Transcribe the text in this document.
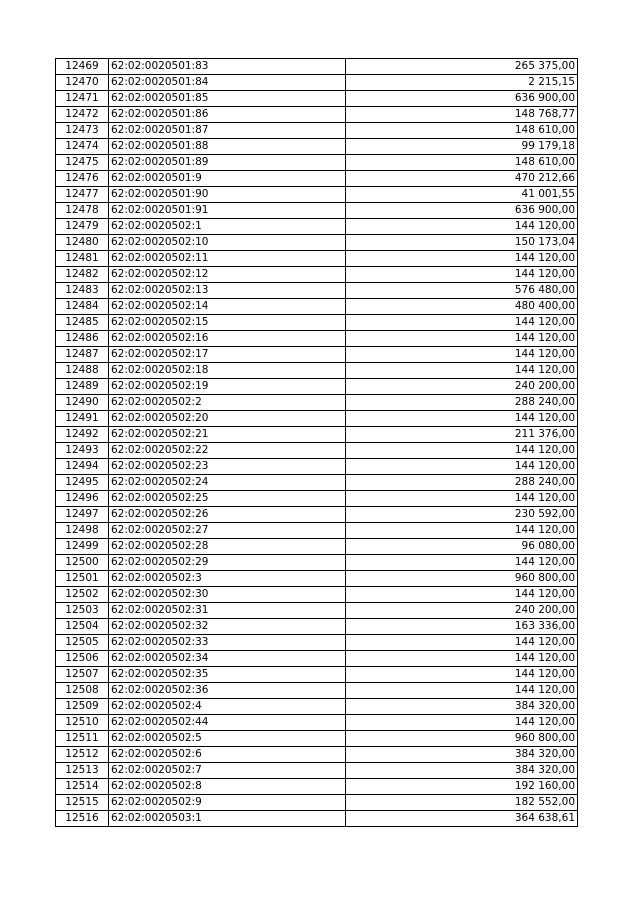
12469	62:02:0020501:83	265 375,00
12470	62:02:0020501:84	2 215,15
12471	62:02:0020501:85	636 900,00
12472	62:02:0020501:86	148 768,77
12473	62:02:0020501:87	148 610,00
12474	62:02:0020501:88	99 179,18
12475	62:02:0020501:89	148 610,00
12476	62:02:0020501:9	470 212,66
12477	62:02:0020501:90	41 001,55
12478	62:02:0020501:91	636 900,00
12479	62:02:0020502:1	144 120,00
12480	62:02:0020502:10	150 173,04
12481	62:02:0020502:11	144 120,00
12482	62:02:0020502:12	144 120,00
12483	62:02:0020502:13	576 480,00
12484	62:02:0020502:14	480 400,00
12485	62:02:0020502:15	144 120,00
12486	62:02:0020502:16	144 120,00
12487	62:02:0020502:17	144 120,00
12488	62:02:0020502:18	144 120,00
12489	62:02:0020502:19	240 200,00
12490	62:02:0020502:2	288 240,00
12491	62:02:0020502:20	144 120,00
12492	62:02:0020502:21	211 376,00
12493	62:02:0020502:22	144 120,00
12494	62:02:0020502:23	144 120,00
12495	62:02:0020502:24	288 240,00
12496	62:02:0020502:25	144 120,00
12497	62:02:0020502:26	230 592,00
12498	62:02:0020502:27	144 120,00
12499	62:02:0020502:28	96 080,00
12500	62:02:0020502:29	144 120,00
12501	62:02:0020502:3	960 800,00
12502	62:02:0020502:30	144 120,00
12503	62:02:0020502:31	240 200,00
12504	62:02:0020502:32	163 336,00
12505	62:02:0020502:33	144 120,00
12506	62:02:0020502:34	144 120,00
12507	62:02:0020502:35	144 120,00
12508	62:02:0020502:36	144 120,00
12509	62:02:0020502:4	384 320,00
12510	62:02:0020502:44	144 120,00
12511	62:02:0020502:5	960 800,00
12512	62:02:0020502:6	384 320,00
12513	62:02:0020502:7	384 320,00
12514	62:02:0020502:8	192 160,00
12515	62:02:0020502:9	182 552,00
12516	62:02:0020503:1	364 638,61
